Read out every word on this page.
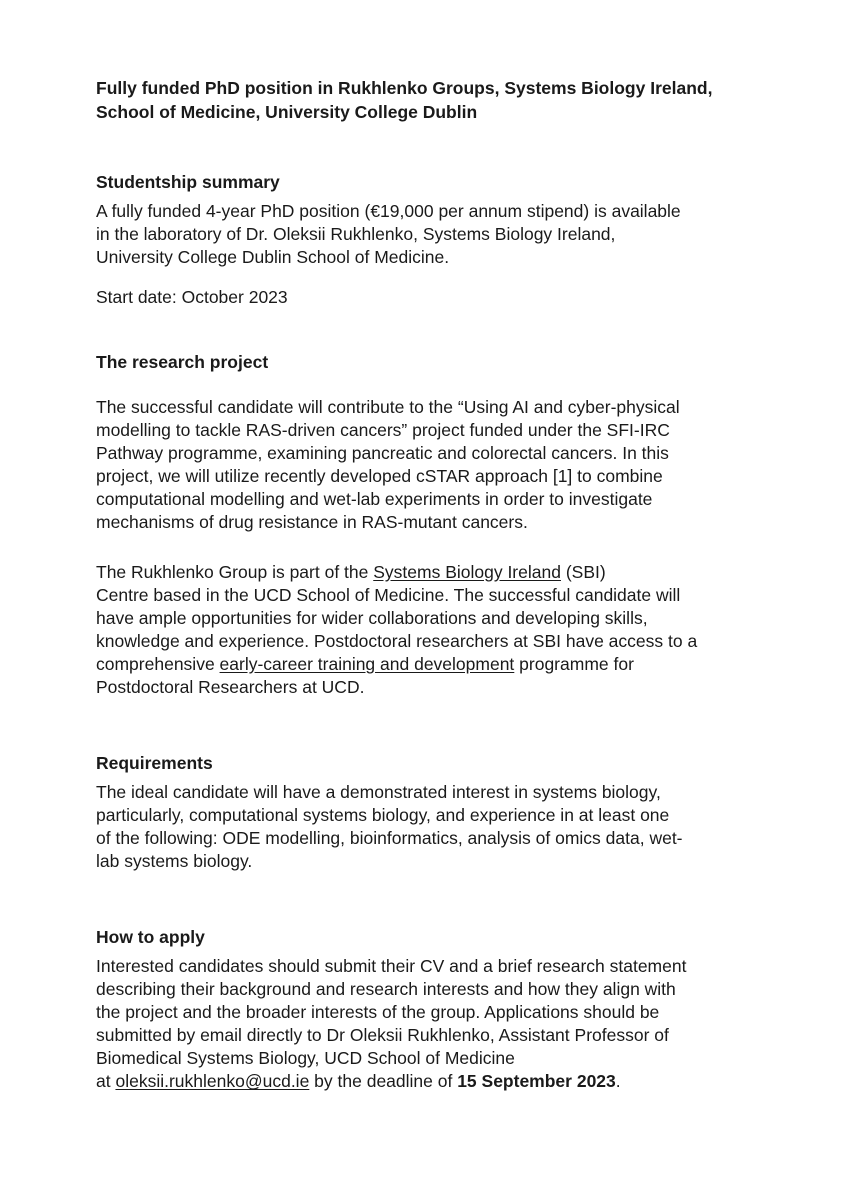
Fully funded PhD position in Rukhlenko Groups, Systems Biology Ireland,
School of Medicine, University College Dublin
Studentship summary

A fully funded 4-year PhD position (€19,000 per annum stipend) is available
in the laboratory of Dr. Oleksii Rukhlenko, Systems Biology Ireland,
University College Dublin School of Medicine.

Start date: October 2023

The research project

The successful candidate will contribute to the “Using AI and cyber-physical
modelling to tackle RAS-driven cancers” project funded under the SFI-IRC
Pathway programme, examining pancreatic and colorectal cancers. In this
project, we will utilize recently developed cSTAR approach [1] to combine
computational modelling and wet-lab experiments in order to investigate
mechanisms of drug resistance in RAS-mutant cancers.

The Rukhlenko Group is part of the Systems Biology Ireland (SBI)
Centre based in the UCD School of Medicine. The successful candidate will
have ample opportunities for wider collaborations and developing skills,
knowledge and experience. Postdoctoral researchers at SBI have access to a
comprehensive early-career training and development programme for
Postdoctoral Researchers at UCD.

Requirements

The ideal candidate will have a demonstrated interest in systems biology,
particularly, computational systems biology, and experience in at least one
of the following: ODE modelling, bioinformatics, analysis of omics data, wet-
lab systems biology.

How to apply

Interested candidates should submit their CV and a brief research statement
describing their background and research interests and how they align with
the project and the broader interests of the group. Applications should be
submitted by email directly to Dr Oleksii Rukhlenko, Assistant Professor of
Biomedical Systems Biology, UCD School of Medicine
at oleksii.rukhlenko@ucd.ie by the deadline of 15 September 2023.
